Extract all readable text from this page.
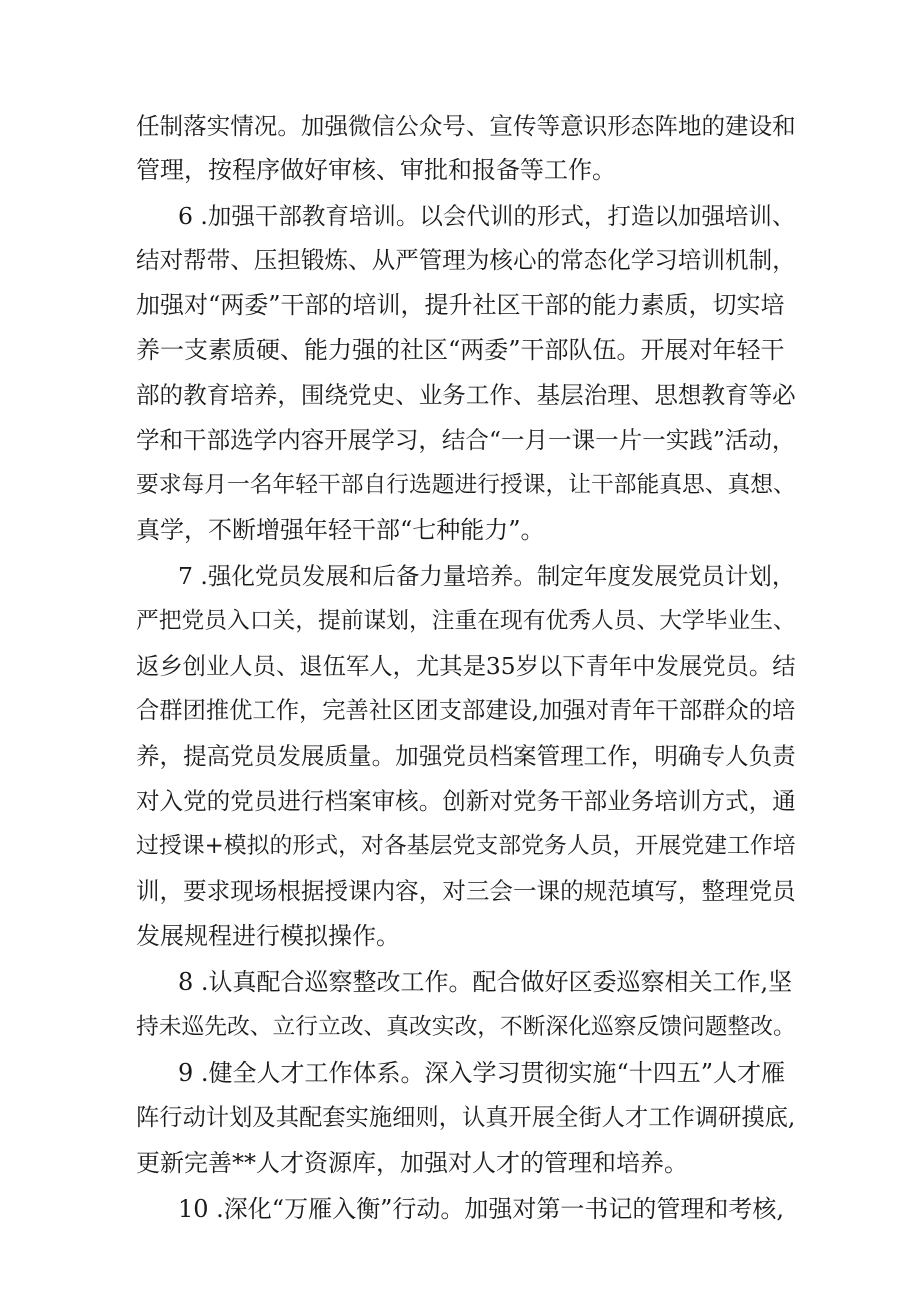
任制落实情况。加强微信公众号、宣传等意识形态阵地的建设和
管理，按程序做好审核、审批和报备等工作。
6 .加强干部教育培训。以会代训的形式，打造以加强培训、
结对帮带、压担锻炼、从严管理为核心的常态化学习培训机制，
加强对“两委”干部的培训，提升社区干部的能力素质，切实培
养一支素质硬、能力强的社区“两委”干部队伍。开展对年轻干
部的教育培养，围绕党史、业务工作、基层治理、思想教育等必
学和干部选学内容开展学习，结合“一月一课一片一实践”活动，
要求每月一名年轻干部自行选题进行授课，让干部能真思、真想、
真学，不断增强年轻干部“七种能力”。
7 .强化党员发展和后备力量培养。制定年度发展党员计划，
严把党员入口关，提前谋划，注重在现有优秀人员、大学毕业生、
返乡创业人员、退伍军人，尤其是35岁以下青年中发展党员。结
合群团推优工作，完善社区团支部建设,加强对青年干部群众的培
养，提高党员发展质量。加强党员档案管理工作，明确专人负责
对入党的党员进行档案审核。创新对党务干部业务培训方式，通
过授课+模拟的形式，对各基层党支部党务人员，开展党建工作培
训，要求现场根据授课内容，对三会一课的规范填写，整理党员
发展规程进行模拟操作。
8 .认真配合巡察整改工作。配合做好区委巡察相关工作,坚
持未巡先改、立行立改、真改实改，不断深化巡察反馈问题整改。
9 .健全人才工作体系。深入学习贯彻实施“十四五”人才雁
阵行动计划及其配套实施细则，认真开展全街人才工作调研摸底,
更新完善**人才资源库，加强对人才的管理和培养。
10 .深化“万雁入衡”行动。加强对第一书记的管理和考核,
